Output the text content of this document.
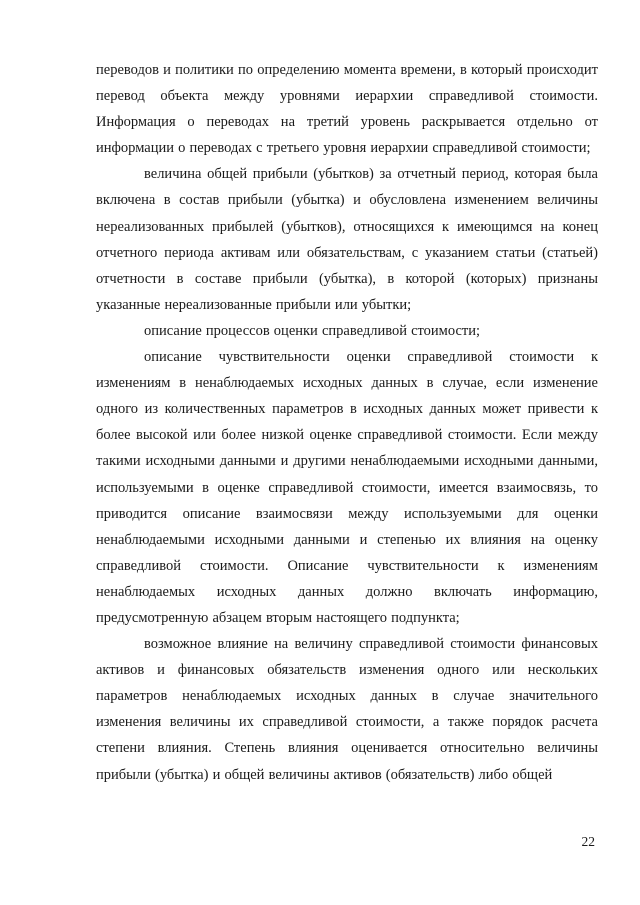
переводов и политики по определению момента времени, в который происходит перевод объекта между уровнями иерархии справедливой стоимости. Информация о переводах на третий уровень раскрывается отдельно от информации о переводах с третьего уровня иерархии справедливой стоимости;

величина общей прибыли (убытков) за отчетный период, которая была включена в состав прибыли (убытка) и обусловлена изменением величины нереализованных прибылей (убытков), относящихся к имеющимся на конец отчетного периода активам или обязательствам, с указанием статьи (статьей) отчетности в составе прибыли (убытка), в которой (которых) признаны указанные нереализованные прибыли или убытки;

описание процессов оценки справедливой стоимости;

описание чувствительности оценки справедливой стоимости к изменениям в ненаблюдаемых исходных данных в случае, если изменение одного из количественных параметров в исходных данных может привести к более высокой или более низкой оценке справедливой стоимости. Если между такими исходными данными и другими ненаблюдаемыми исходными данными, используемыми в оценке справедливой стоимости, имеется взаимосвязь, то приводится описание взаимосвязи между используемыми для оценки ненаблюдаемыми исходными данными и степенью их влияния на оценку справедливой стоимости. Описание чувствительности к изменениям ненаблюдаемых исходных данных должно включать информацию, предусмотренную абзацем вторым настоящего подпункта;

возможное влияние на величину справедливой стоимости финансовых активов и финансовых обязательств изменения одного или нескольких параметров ненаблюдаемых исходных данных в случае значительного изменения величины их справедливой стоимости, а также порядок расчета степени влияния. Степень влияния оценивается относительно величины прибыли (убытка) и общей величины активов (обязательств) либо общей

22
